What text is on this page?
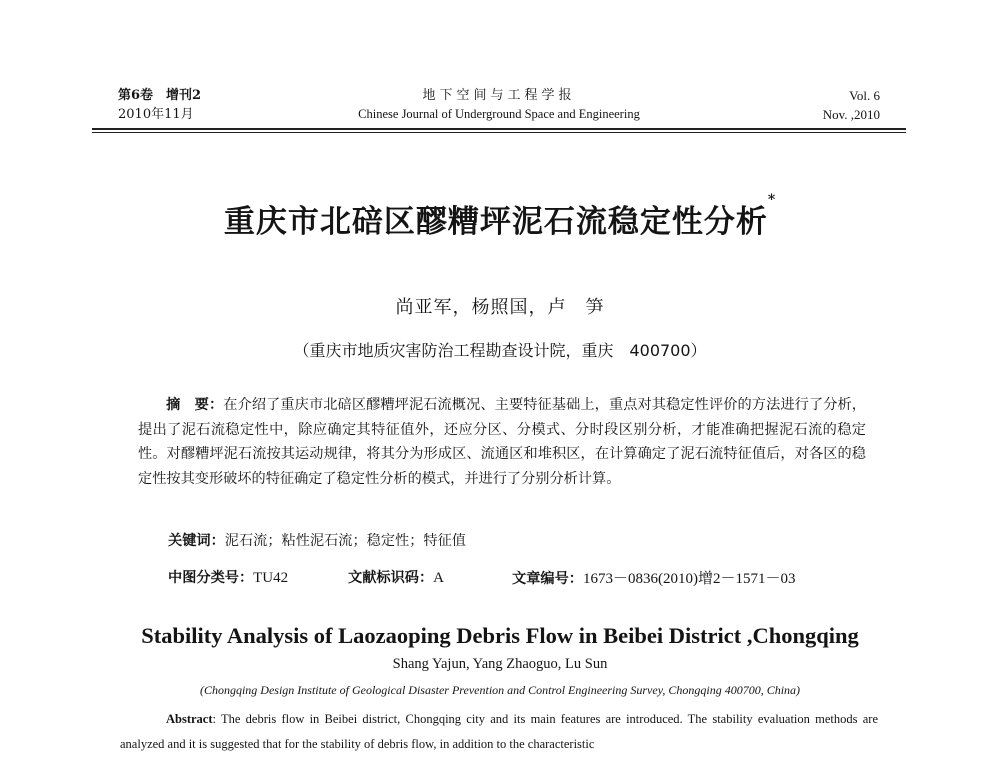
第6卷　增刊2
2010年11月
地下空间与工程学报
Chinese Journal of Underground Space and Engineering
Vol. 6
Nov. ,2010
重庆市北碚区醪糟坪泥石流稳定性分析*
尚亚军，杨照国，卢　笋
（重庆市地质灾害防治工程勘查设计院，重庆　400700）
摘　要：在介绍了重庆市北碚区醪糟坪泥石流概况、主要特征基础上，重点对其稳定性评价的方法进行了分析，提出了泥石流稳定性中，除应确定其特征值外，还应分区、分模式、分时段区别分析，才能准确把握泥石流的稳定性。对醪糟坪泥石流按其运动规律，将其分为形成区、流通区和堆积区，在计算确定了泥石流特征值后，对各区的稳定性按其变形破坏的特征确定了稳定性分析的模式，并进行了分别分析计算。
关键词：泥石流；粘性泥石流；稳定性；特征值
中图分类号：TU42	文献标识码：A	文章编号：1673－0836(2010)增2－1571－03
Stability Analysis of Laozaoping Debris Flow in Beibei District ,Chongqing
Shang Yajun, Yang Zhaoguo, Lu Sun
(Chongqing Design Institute of Geological Disaster Prevention and Control Engineering Survey, Chongqing 400700, China)
Abstract: The debris flow in Beibei district, Chongqing city and its main features are introduced. The stability evaluation methods are analyzed and it is suggested that for the stability of debris flow, in addition to the characteristic
